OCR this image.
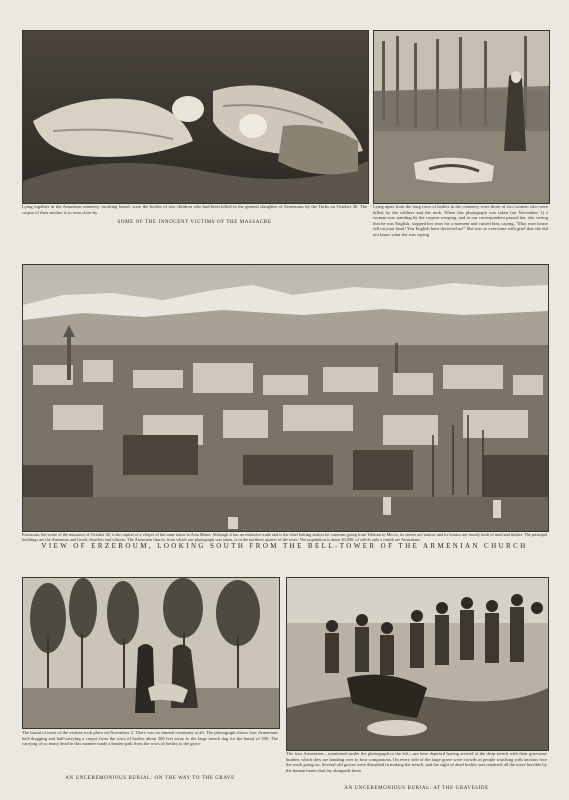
Lying together in the Armenian cemetery, awaiting burial, were the bodies of two children who had been killed in the general slaughter of Armenians by the Turks on October 30. The corpse of their mother is to seen close by

SOME OF THE INNOCENT VICTIMS OF THE MASSACRE

Lying apart from the long rows of bodies in the cemetery were those of two women who were killed by the soldiers and the mob. When this photograph was taken (on November 1) a woman was standing by the corpses weeping, and as our correspondent passed her, she, seeing that he was English, stopped her tears for a moment and cursed him, saying, "May your house fall on your head! You English have deceived us!" She was so overcome with grief that she did not know what she was saying

Erzeroum, the scene of the massacre of October 30, is the capital of a vilayet of the same name in Asia Minor. Although it has an extensive trade and is the chief halting station for caravans going from Teheran to Mecca, its streets are narrow and its houses are mostly built of mud and timber. The principal buildings are the Armenian and Greek churches and schools. The Armenian church, from which our photograph was taken, is in the northern quarter of the town. The population is about 40,000, of which only a fourth are Armenians

VIEW OF ERZEROUM, LOOKING SOUTH FROM THE BELL-TOWER OF THE ARMENIAN CHURCH

The burial of most of the victims took place on November 2. There was no funeral ceremony at all. The photograph shows four Armenians half-dragging and half-carrying a corpse from the rows of bodies about 300 feet away to the large trench dug for the burial of 390. The carrying of so many dead in this manner made a beaten path from the rows of bodies to the grave

AN UNCEREMONIOUS BURIAL: ON THE WAY TO THE GRAVE

The four Armenians—mentioned under the photograph to the left—are here depicted having arrived at the deep trench with their gruesome burden, which they are handing over to four companions. On every side of the large grave were crowds of people watching with anxious face the work going on. Several old graves were disturbed in making the trench, and the sight of dead bodies was rendered all the more horrible by the human bones that lay alongside them

AN UNCEREMONIOUS BURIAL: AT THE GRAVESIDE
